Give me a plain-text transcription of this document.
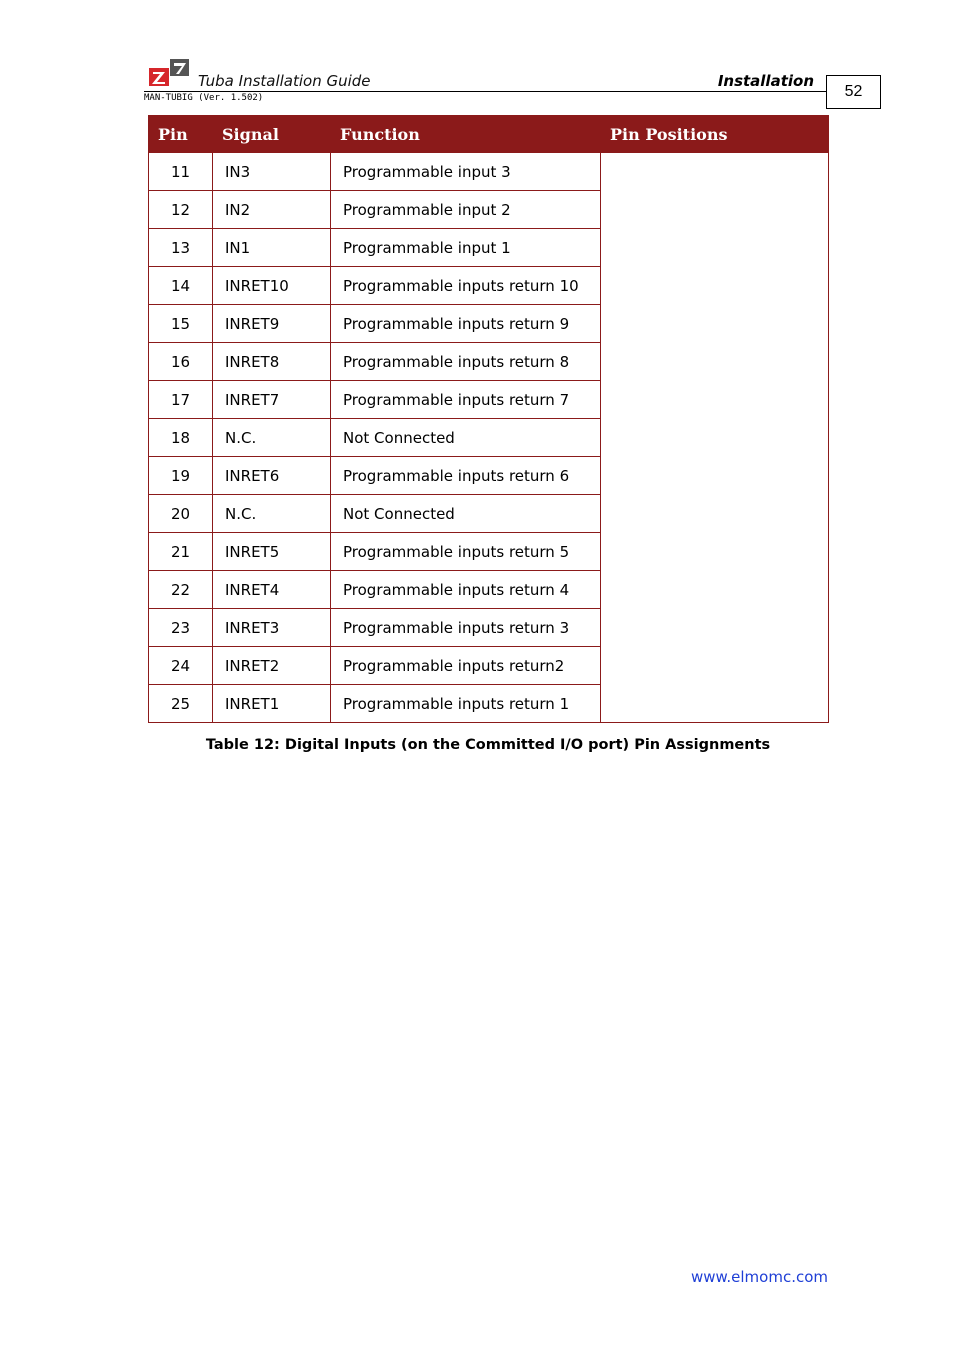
Tuba Installation Guide	Installation
MAN-TUBIG (Ver. 1.502)	52
Pin	Signal	Function	Pin Positions
11	IN3	Programmable input 3	
12	IN2	Programmable input 2	
13	IN1	Programmable input 1	
14	INRET10	Programmable inputs return 10	
15	INRET9	Programmable inputs return 9	
16	INRET8	Programmable inputs return 8	
17	INRET7	Programmable inputs return 7	
18	N.C.	Not Connected	
19	INRET6	Programmable inputs return 6	
20	N.C.	Not Connected	
21	INRET5	Programmable inputs return 5	
22	INRET4	Programmable inputs return 4	
23	INRET3	Programmable inputs return 3	
24	INRET2	Programmable inputs return2	
25	INRET1	Programmable inputs return 1	
Table 12: Digital Inputs (on the Committed I/O port) Pin Assignments
www.elmomc.com
